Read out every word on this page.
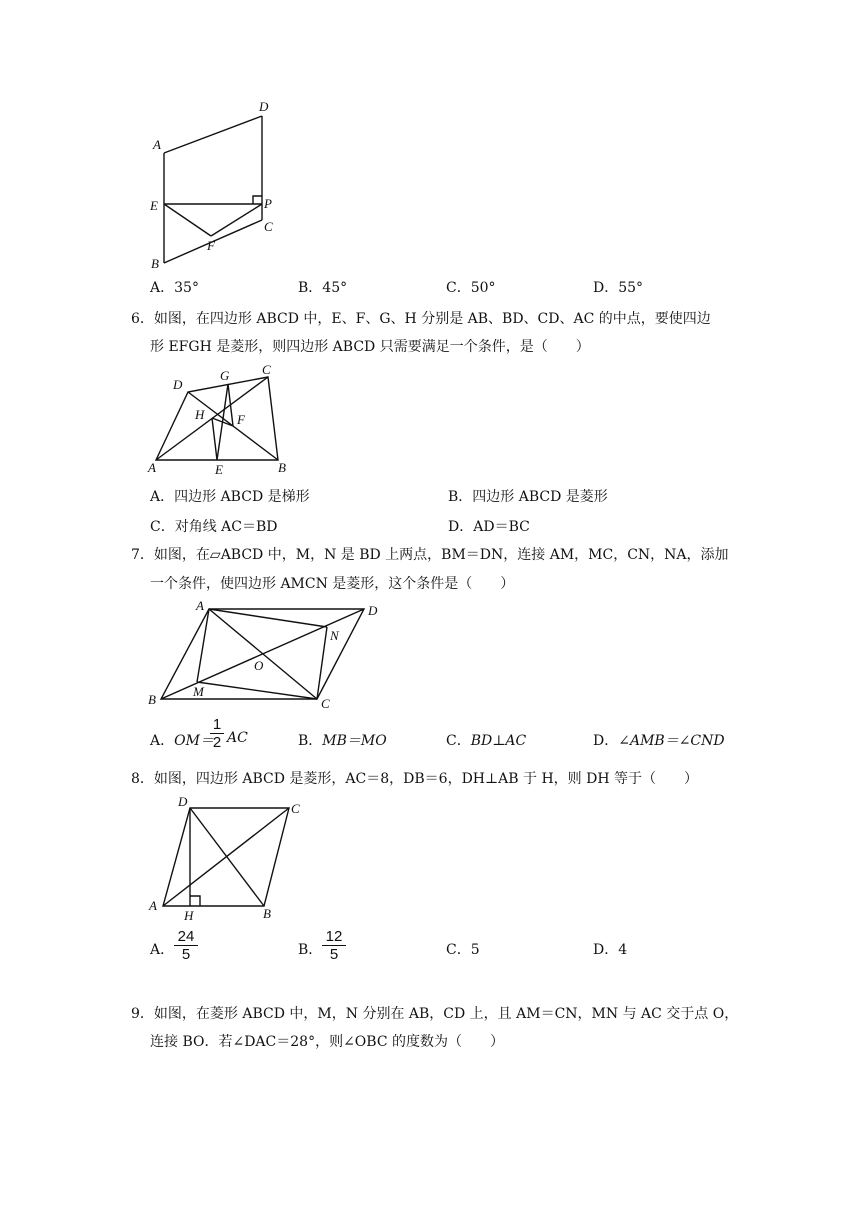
A
D
E	P
C
F
B
A．35°	B．45°	C．50°	D．55°
6．如图，在四边形 ABCD 中，E、F、G、H 分别是 AB、BD、CD、AC 的中点，要使四边
形 EFGH 是菱形，则四边形 ABCD 只需要满足一个条件，是（　　）
D
G	C
H	F
A	E	B
A．四边形 ABCD 是梯形	B．四边形 ABCD 是菱形
C．对角线 AC＝BD	D．AD＝BC
7．如图，在▱ABCD 中，M，N 是 BD 上两点，BM＝DN，连接 AM，MC，CN，NA，添加
一个条件，使四边形 AMCN 是菱形，这个条件是（　　）
A	D
N
O
M
B	C
A．OM＝
$\frac{1}{2}$ AC	B．MB＝MO	C．BD⊥AC	D．∠AMB＝∠CND
8．如图，四边形 ABCD 是菱形，AC＝8，DB＝6，DH⊥AB 于 H，则 DH 等于（　　）
D	C
A
H	B
A． $\frac{24}{5}$	B． $\frac{12}{5}$	C．5	D．4
9．如图，在菱形 ABCD 中，M，N 分别在 AB，CD 上，且 AM＝CN，MN 与 AC 交于点 O，
连接 BO．若∠DAC＝28°，则∠OBC 的度数为（　　）
